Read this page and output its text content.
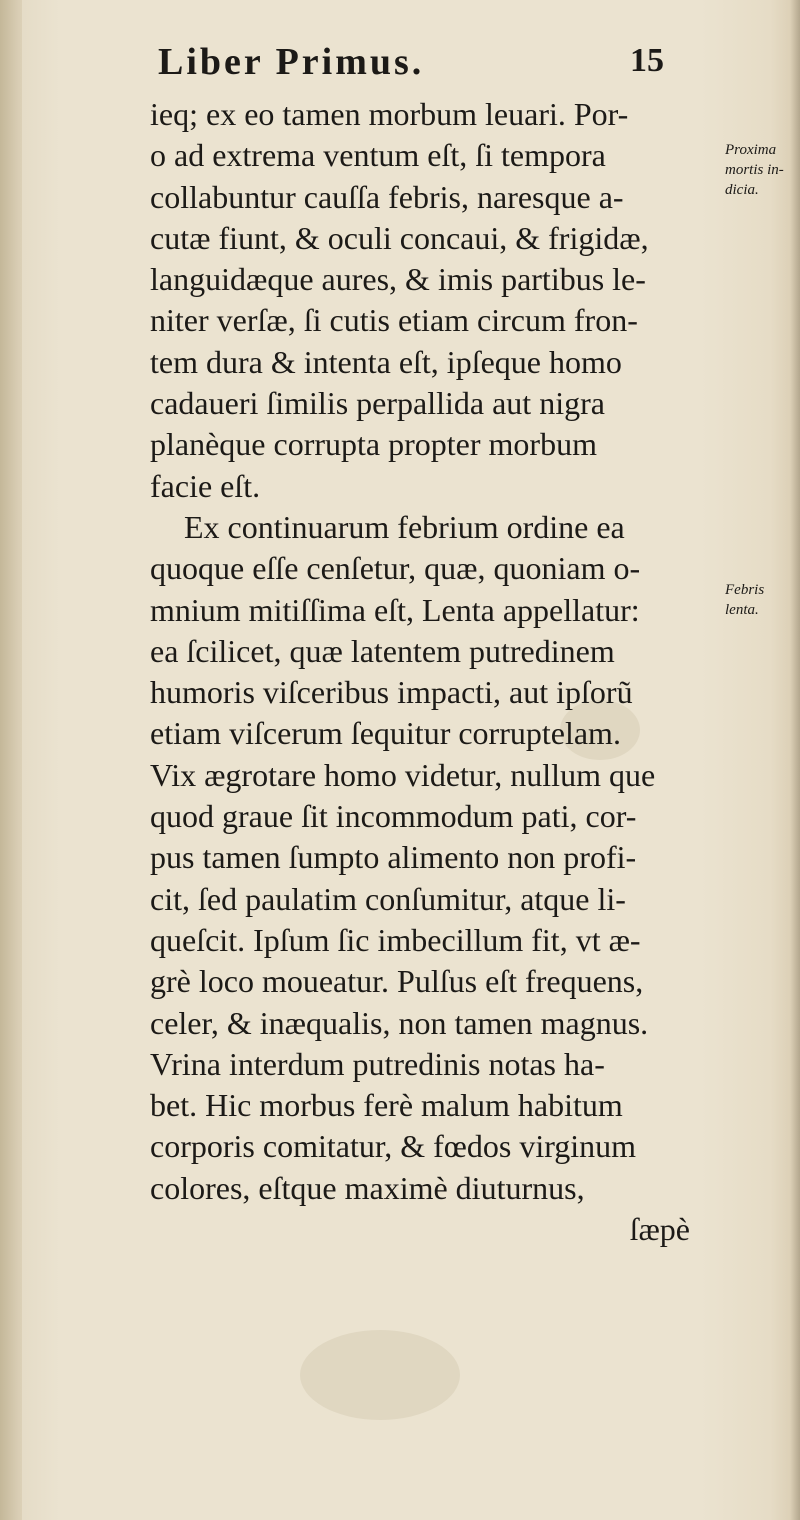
Liber Primus.	15
ieq; ex eo tamen morbum leuari. Por-
o ad extrema ventum eſt, ſi tempora
collabuntur cauſſa febris, naresque a-
cutæ fiunt, & oculi concaui, & frigidæ,
languidæque aures, & imis partibus le-
niter verſæ, ſi cutis etiam circum fron-
tem dura & intenta eſt, ipſeque homo
cadaueri ſimilis perpallida aut nigra
planèque corrupta propter morbum
facie eſt.
Ex continuarum febrium ordine ea
quoque eſſe cenſetur, quæ, quoniam o-
mnium mitiſſima eſt, Lenta appellatur:
ea ſcilicet, quæ latentem putredinem
humoris viſceribus impacti, aut ipſorũ
etiam viſcerum ſequitur corruptelam.
Vix ægrotare homo videtur, nullum que
quod graue ſit incommodum pati, cor-
pus tamen ſumpto alimento non profi-
cit, ſed paulatim conſumitur, atque li-
queſcit. Ipſum ſic imbecillum fit, vt æ-
grè loco moueatur. Pulſus eſt frequens,
celer, & inæqualis, non tamen magnus.
Vrina interdum putredinis notas ha-
bet. Hic morbus ferè malum habitum
corporis comitatur, & fœdos virginum
colores, eſtque maximè diuturnus,
ſæpè
Proxima
mortis in-
dicia.
Febris
lenta.
